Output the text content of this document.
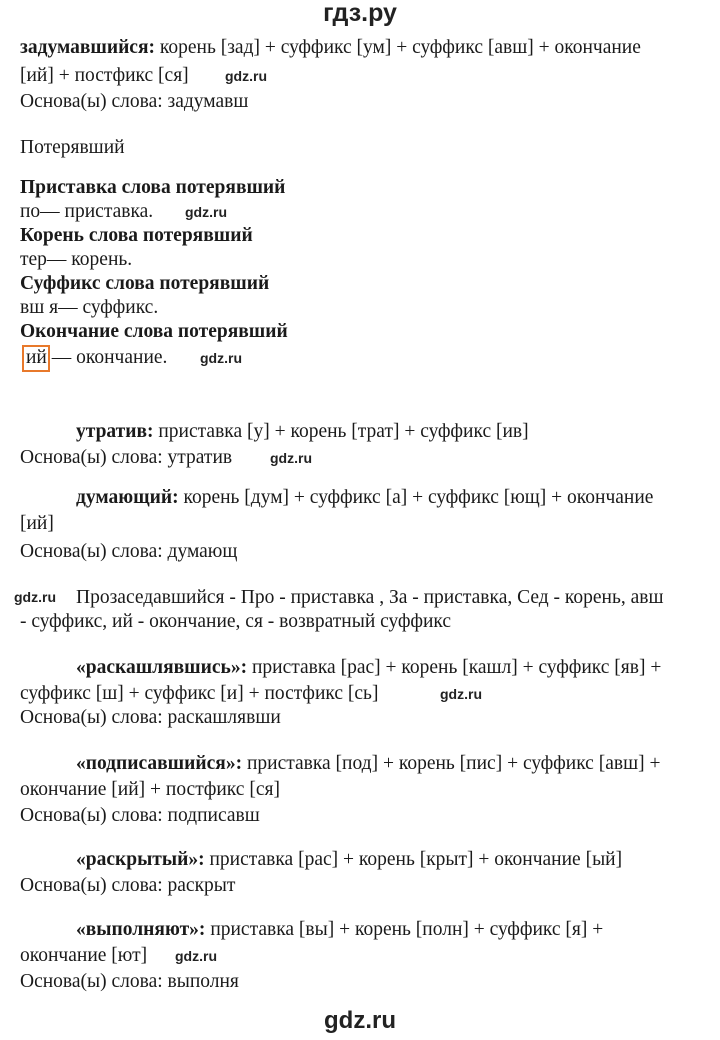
гдз.ру
задумавшийся: корень [зад] + суффикс [ум] + суффикс [авш] + окончание
[ий] + постфикс [ся]	gdz.ru
Основа(ы) слова: задумавш
Потерявший
Приставка слова потерявший
по— приставка. gdz.ru
Корень слова потерявший
тер— корень.
Суффикс слова потерявший
вш я— суффикс.
Окончание слова потерявший
ий — окончание. gdz.ru
утратив: приставка [у] + корень [трат] + суффикс [ив]
Основа(ы) слова: утратив	gdz.ru
думающий: корень [дум] + суффикс [а] + суффикс [ющ] + окончание
[ий]
Основа(ы) слова: думающ
Прозаседавшийся - Про - приставка , За - приставка, Сед - корень, авш
gdz.ru
- суффикс, ий - окончание, ся - возвратный суффикс
«раскашлявшись»: приставка [рас] + корень [кашл] + суффикс [яв] +
суффикс [ш] + суффикс [и] + постфикс [сь]	gdz.ru
Основа(ы) слова: раскашлявши
«подписавшийся»: приставка [под] + корень [пис] + суффикс [авш] +
окончание [ий] + постфикс [ся]
Основа(ы) слова: подписавш
«раскрытый»: приставка [рас] + корень [крыт] + окончание [ый]
Основа(ы) слова: раскрыт
«выполняют»: приставка [вы] + корень [полн] + суффикс [я] +
окончание [ют] gdz.ru
Основа(ы) слова: выполня
gdz.ru
